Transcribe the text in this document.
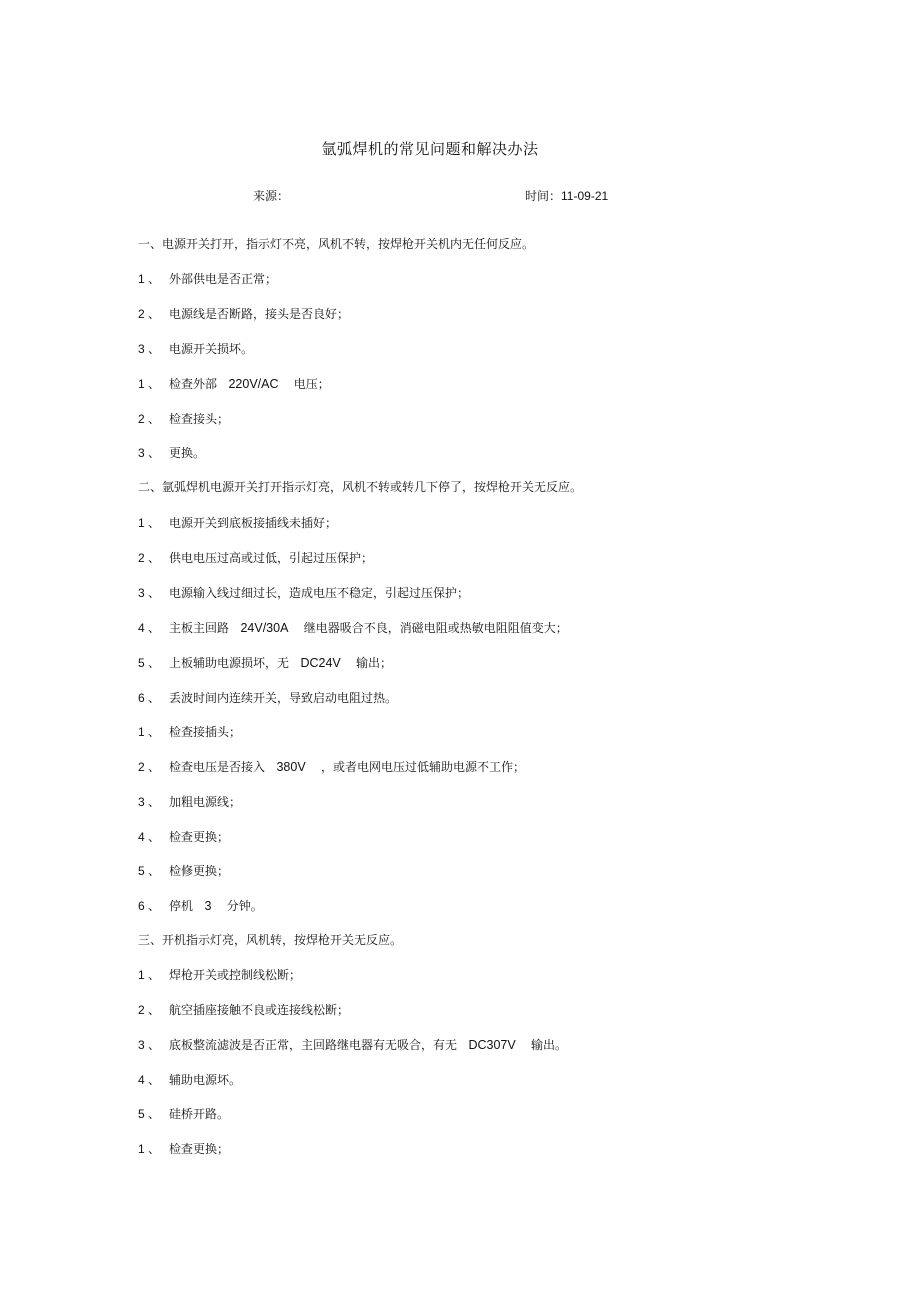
氩弧焊机的常见问题和解决办法
来源：	时间：11-09-21
一、电源开关打开，指示灯不亮，风机不转，按焊枪开关机内无任何反应。
1 、 外部供电是否正常；
2 、 电源线是否断路，接头是否良好；
3 、 电源开关损坏。
1 、 检查外部 220V/AC 电压；
2 、 检查接头；
3 、 更换。
二、氩弧焊机电源开关打开指示灯亮，风机不转或转几下停了，按焊枪开关无反应。
1 、 电源开关到底板接插线未插好；
2 、 供电电压过高或过低，引起过压保护；
3 、 电源输入线过细过长，造成电压不稳定，引起过压保护；
4 、 主板主回路 24V/30A 继电器吸合不良，消磁电阻或热敏电阻阻值变大；
5 、 上板辅助电源损坏，无 DC24V 输出；
6 、 丢波时间内连续开关，导致启动电阻过热。
1 、 检查接插头；
2 、 检查电压是否接入 380V ，或者电网电压过低辅助电源不工作；
3 、 加粗电源线；
4 、 检查更换；
5 、 检修更换；
6 、 停机 3 分钟。
三、开机指示灯亮，风机转，按焊枪开关无反应。
1 、 焊枪开关或控制线松断；
2 、 航空插座接触不良或连接线松断；
3 、 底板整流滤波是否正常，主回路继电器有无吸合，有无 DC307V 输出。
4 、 辅助电源坏。
5 、 硅桥开路。
1 、 检查更换；
